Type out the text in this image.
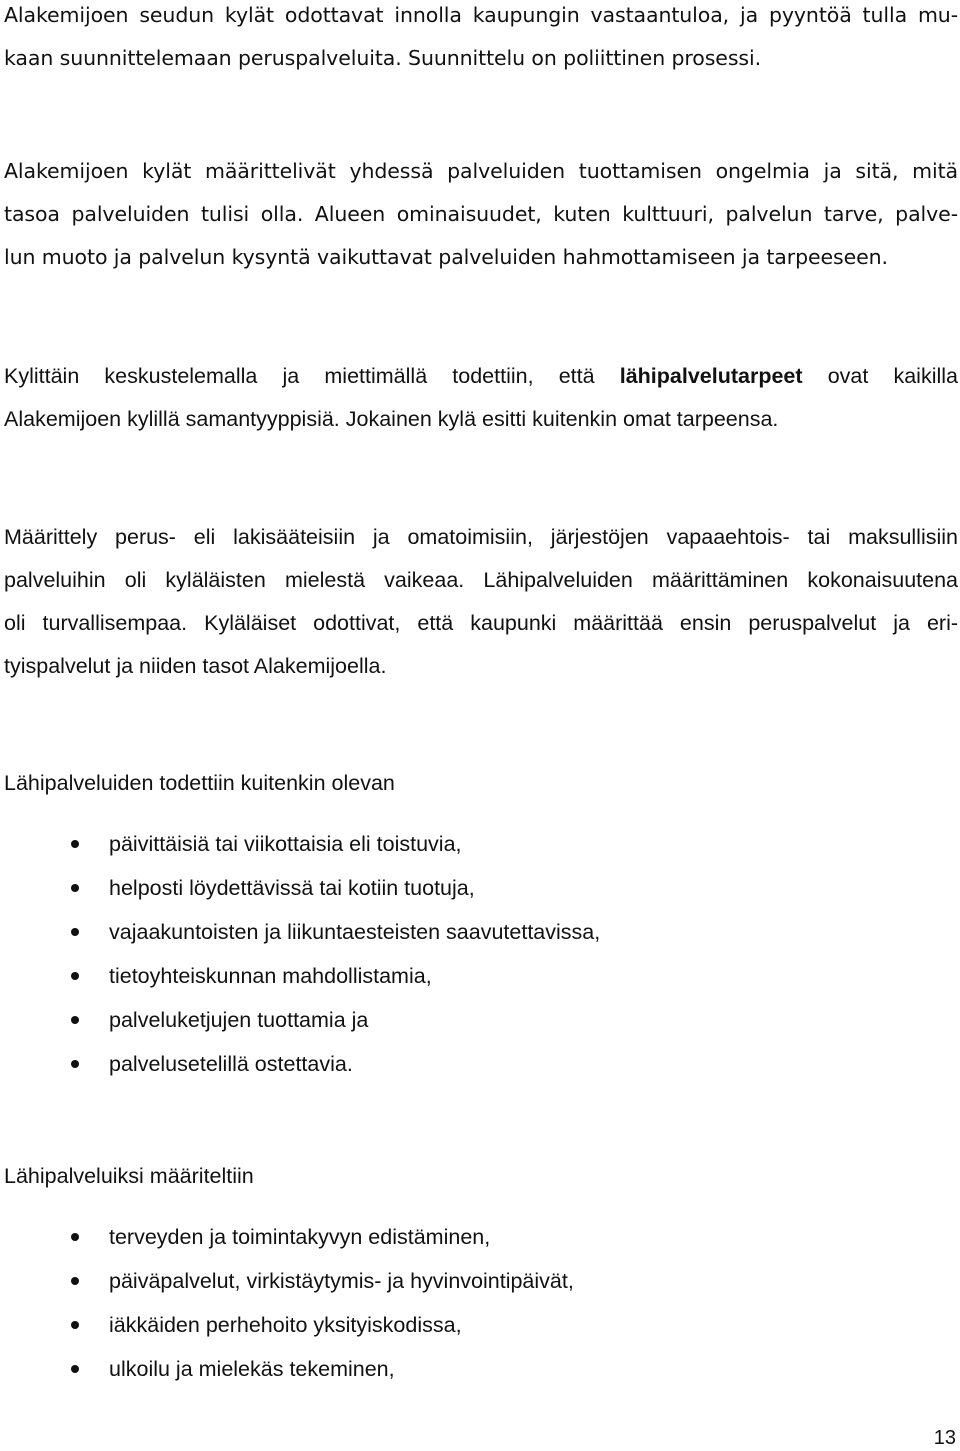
Alakemijoen seudun kylät odottavat innolla kaupungin vastaantuloa, ja pyyntöä tulla mu-
kaan suunnittelemaan peruspalveluita. Suunnittelu on poliittinen prosessi.
Alakemijoen kylät määrittelivät yhdessä palveluiden tuottamisen ongelmia ja sitä, mitä
tasoa palveluiden tulisi olla. Alueen ominaisuudet, kuten kulttuuri, palvelun tarve, palve-
lun muoto ja palvelun kysyntä vaikuttavat palveluiden hahmottamiseen ja tarpeeseen.
Kylittäin keskustelemalla ja miettimällä todettiin, että lähipalvelutarpeet ovat kaikilla
Alakemijoen kylillä samantyyppisiä. Jokainen kylä esitti kuitenkin omat tarpeensa.
Määrittely perus- eli lakisääteisiin ja omatoimisiin, järjestöjen vapaaehtois- tai maksullisiin
palveluihin oli kyläläisten mielestä vaikeaa. Lähipalveluiden määrittäminen kokonaisuutena
oli turvallisempaa. Kyläläiset odottivat, että kaupunki määrittää ensin peruspalvelut ja eri-
tyispalvelut ja niiden tasot Alakemijoella.

Lähipalveluiden todettiin kuitenkin olevan

päivittäisiä tai viikottaisia eli toistuvia,
helposti löydettävissä tai kotiin tuotuja,
vajaakuntoisten ja liikuntaesteisten saavutettavissa,
tietoyhteiskunnan mahdollistamia,
palveluketjujen tuottamia ja
palvelusetelillä ostettavia.

Lähipalveluiksi määriteltiin

terveyden ja toimintakyvyn edistäminen,
päiväpalvelut, virkistäytymis- ja hyvinvointipäivät,
iäkkäiden perhehoito yksityiskodissa,
ulkoilu ja mielekäs tekeminen,
13
